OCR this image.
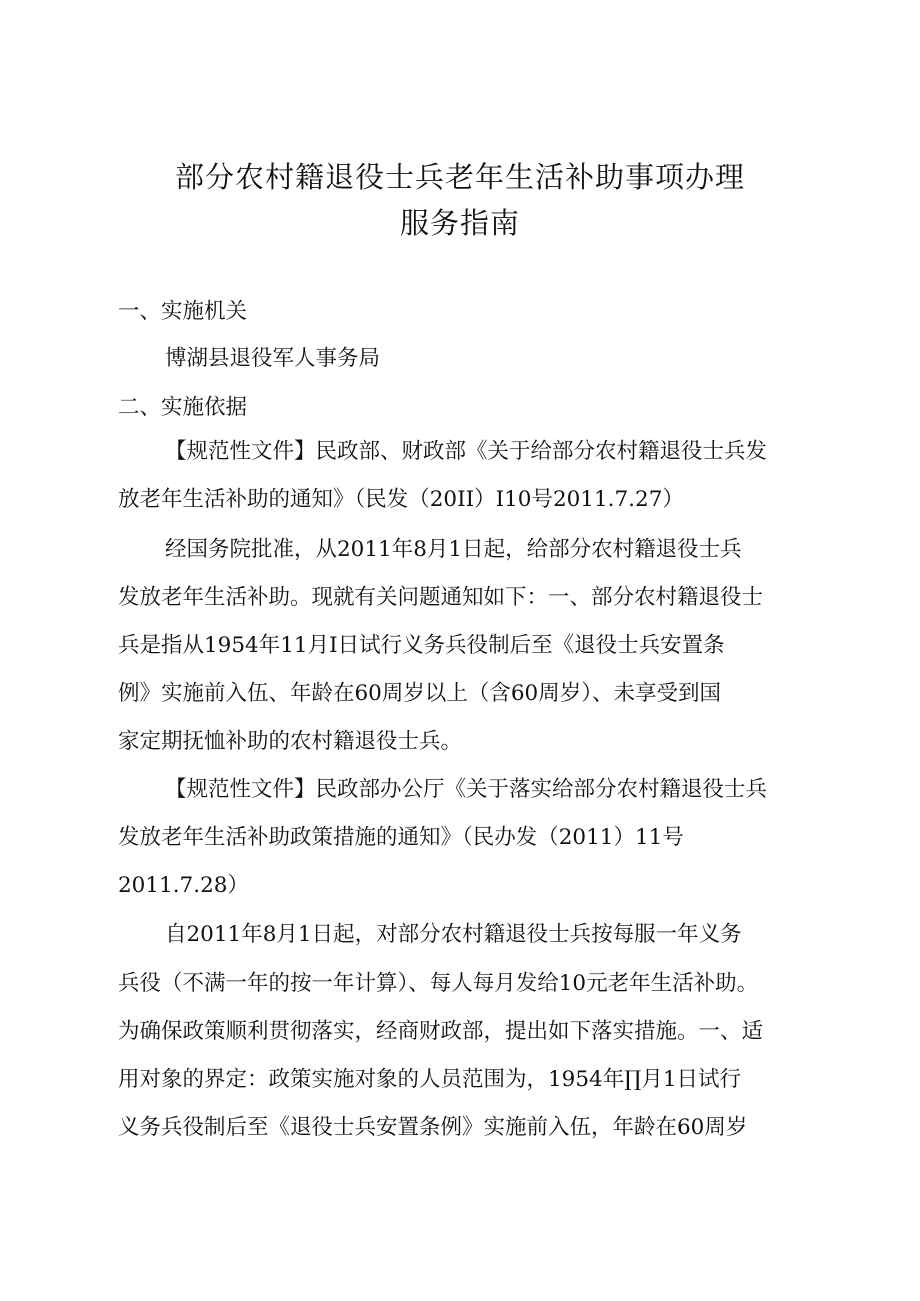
部分农村籍退役士兵老年生活补助事项办理
服务指南

一、实施机关

博湖县退役军人事务局

二、实施依据

【规范性文件】民政部、财政部《关于给部分农村籍退役士兵发

放老年生活补助的通知》（民发（20II）I10号2011.7.27）

经国务院批准，从2011年8月1日起，给部分农村籍退役士兵

发放老年生活补助。现就有关问题通知如下：一、部分农村籍退役士

兵是指从1954年11月Ⅰ日试行义务兵役制后至《退役士兵安置条

例》实施前入伍、年龄在60周岁以上（含60周岁）、未享受到国

家定期抚恤补助的农村籍退役士兵。

【规范性文件】民政部办公厅《关于落实给部分农村籍退役士兵

发放老年生活补助政策措施的通知》（民办发（2011）11号

2011.7.28）

自2011年8月1日起，对部分农村籍退役士兵按每服一年义务

兵役（不满一年的按一年计算）、每人每月发给10元老年生活补助。

为确保政策顺利贯彻落实，经商财政部，提出如下落实措施。一、适

用对象的界定：政策实施对象的人员范围为，1954年∏月1日试行

义务兵役制后至《退役士兵安置条例》实施前入伍，年龄在60周岁
